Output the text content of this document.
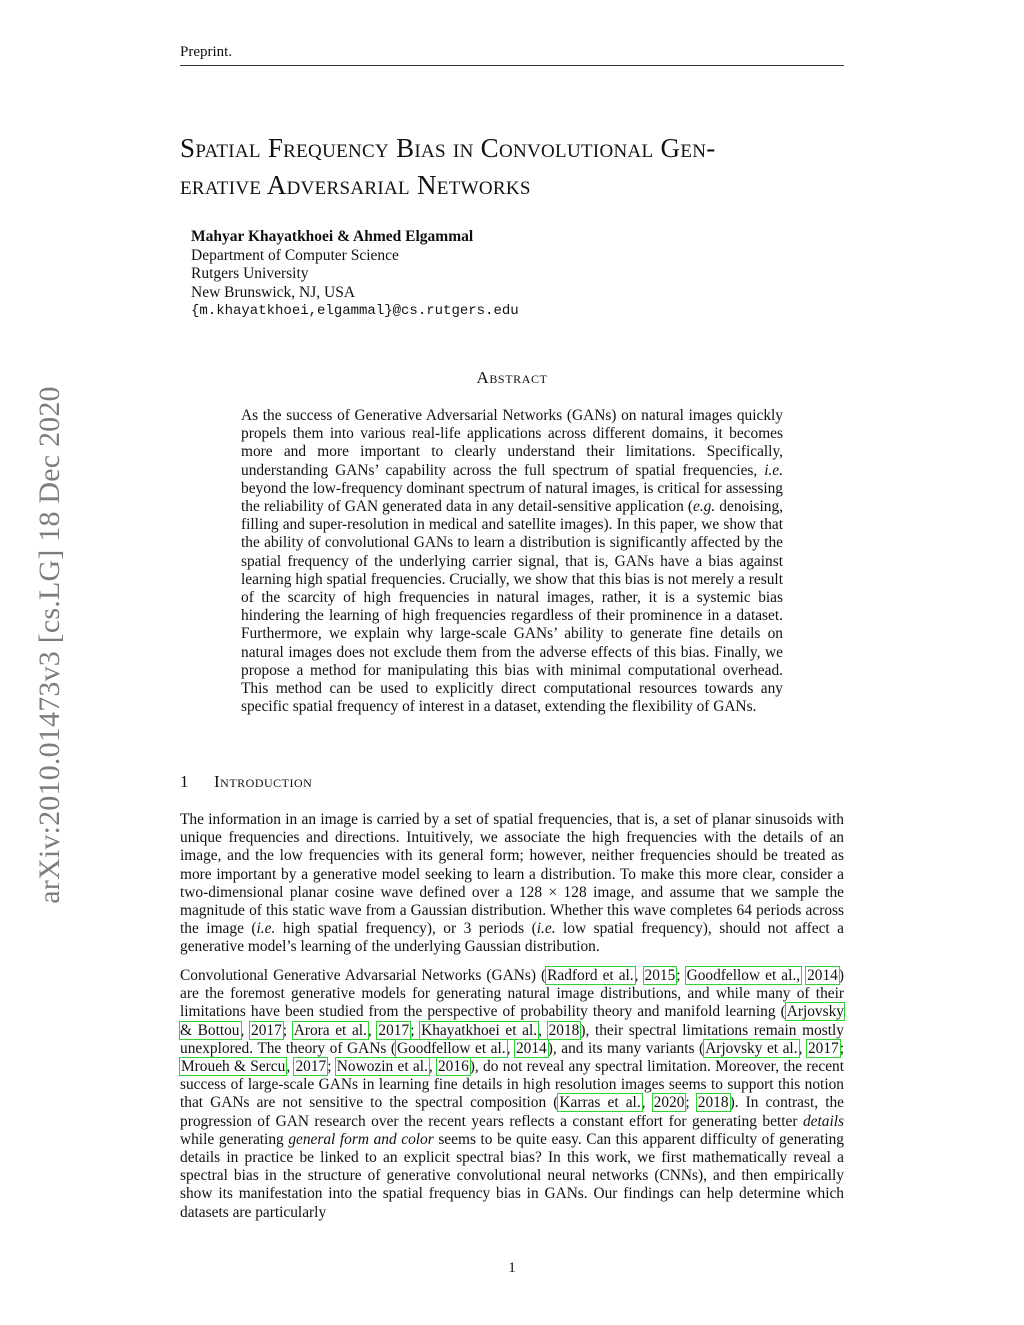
Preprint.
Spatial Frequency Bias in Convolutional Gen-
erative Adversarial Networks
Mahyar Khayatkhoei & Ahmed Elgammal
Department of Computer Science
Rutgers University
New Brunswick, NJ, USA
{m.khayatkhoei,elgammal}@cs.rutgers.edu
arXiv:2010.01473v3 [cs.LG] 18 Dec 2020
Abstract
As the success of Generative Adversarial Networks (GANs) on natural images quickly propels them into various real-life applications across different domains, it becomes more and more important to clearly understand their limitations. Specifically, understanding GANs’ capability across the full spectrum of spatial frequencies, i.e. beyond the low-frequency dominant spectrum of natural images, is critical for assessing the reliability of GAN generated data in any detail-sensitive application (e.g. denoising, filling and super-resolution in medical and satellite images). In this paper, we show that the ability of convolutional GANs to learn a distribution is significantly affected by the spatial frequency of the underlying carrier signal, that is, GANs have a bias against learning high spatial frequencies. Crucially, we show that this bias is not merely a result of the scarcity of high frequencies in natural images, rather, it is a systemic bias hindering the learning of high frequencies regardless of their prominence in a dataset. Furthermore, we explain why large-scale GANs’ ability to generate fine details on natural images does not exclude them from the adverse effects of this bias. Finally, we propose a method for manipulating this bias with minimal computational overhead. This method can be used to explicitly direct computational resources towards any specific spatial frequency of interest in a dataset, extending the flexibility of GANs.
1 Introduction
The information in an image is carried by a set of spatial frequencies, that is, a set of planar sinusoids with unique frequencies and directions. Intuitively, we associate the high frequencies with the details of an image, and the low frequencies with its general form; however, neither frequencies should be treated as more important by a generative model seeking to learn a distribution. To make this more clear, consider a two-dimensional planar cosine wave defined over a 128 × 128 image, and assume that we sample the magnitude of this static wave from a Gaussian distribution. Whether this wave completes 64 periods across the image (i.e. high spatial frequency), or 3 periods (i.e. low spatial frequency), should not affect a generative model’s learning of the underlying Gaussian distribution.
Convolutional Generative Advarsarial Networks (GANs) (Radford et al., 2015; Goodfellow et al., 2014) are the foremost generative models for generating natural image distributions, and while many of their limitations have been studied from the perspective of probability theory and manifold learning (Arjovsky & Bottou, 2017; Arora et al., 2017; Khayatkhoei et al., 2018), their spectral limitations remain mostly unexplored. The theory of GANs (Goodfellow et al., 2014), and its many variants (Arjovsky et al., 2017; Mroueh & Sercu, 2017; Nowozin et al., 2016), do not reveal any spectral limitation. Moreover, the recent success of large-scale GANs in learning fine details in high resolution images seems to support this notion that GANs are not sensitive to the spectral composition (Karras et al., 2020; 2018). In contrast, the progression of GAN research over the recent years reflects a constant effort for generating better details while generating general form and color seems to be quite easy. Can this apparent difficulty of generating details in practice be linked to an explicit spectral bias? In this work, we first mathematically reveal a spectral bias in the structure of generative convolutional neural networks (CNNs), and then empirically show its manifestation into the spatial frequency bias in GANs. Our findings can help determine which datasets are particularly
1
